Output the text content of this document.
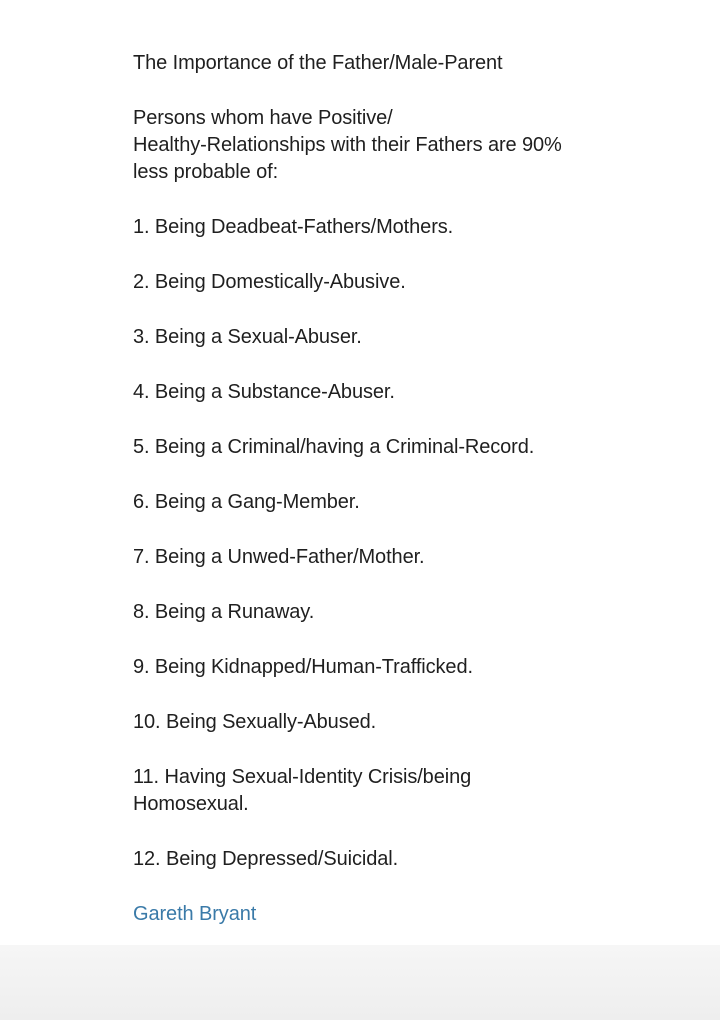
The Importance of the Father/Male-Parent

Persons whom have Positive/
Healthy-Relationships with their Fathers are 90%
less probable of:

1. Being Deadbeat-Fathers/Mothers.
2. Being Domestically-Abusive.
3. Being a Sexual-Abuser.
4. Being a Substance-Abuser.
5. Being a Criminal/having a Criminal-Record.
6. Being a Gang-Member.
7. Being a Unwed-Father/Mother.
8. Being a Runaway.
9. Being Kidnapped/Human-Trafficked.
10. Being Sexually-Abused.
11. Having Sexual-Identity Crisis/being
Homosexual.
12. Being Depressed/Suicidal.
Gareth Bryant
